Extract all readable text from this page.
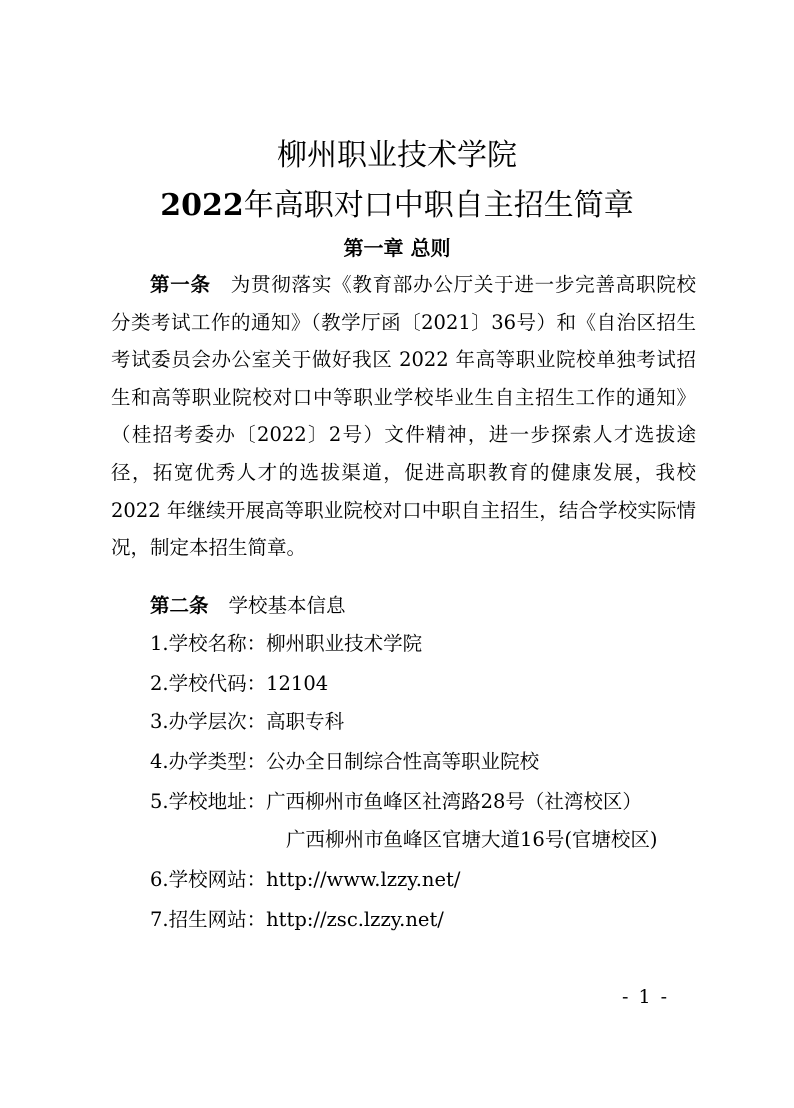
柳州职业技术学院
2022年高职对口中职自主招生简章
第一章 总则

第一条 为贯彻落实《教育部办公厅关于进一步完善高职院校分类考试工作的通知》（教学厅函〔2021〕36号）和《自治区招生考试委员会办公室关于做好我区 2022 年高等职业院校单独考试招生和高等职业院校对口中等职业学校毕业生自主招生工作的通知》（桂招考委办〔2022〕2号）文件精神，进一步探索人才选拔途径，拓宽优秀人才的选拔渠道，促进高职教育的健康发展，我校 2022 年继续开展高等职业院校对口中职自主招生，结合学校实际情况，制定本招生简章。

第二条 学校基本信息
1.学校名称：柳州职业技术学院
2.学校代码：12104
3.办学层次：高职专科
4.办学类型：公办全日制综合性高等职业院校
5.学校地址：广西柳州市鱼峰区社湾路28号（社湾校区）
广西柳州市鱼峰区官塘大道16号(官塘校区)
6.学校网站：http://www.lzzy.net/
7.招生网站：http://zsc.lzzy.net/
- 1 -
